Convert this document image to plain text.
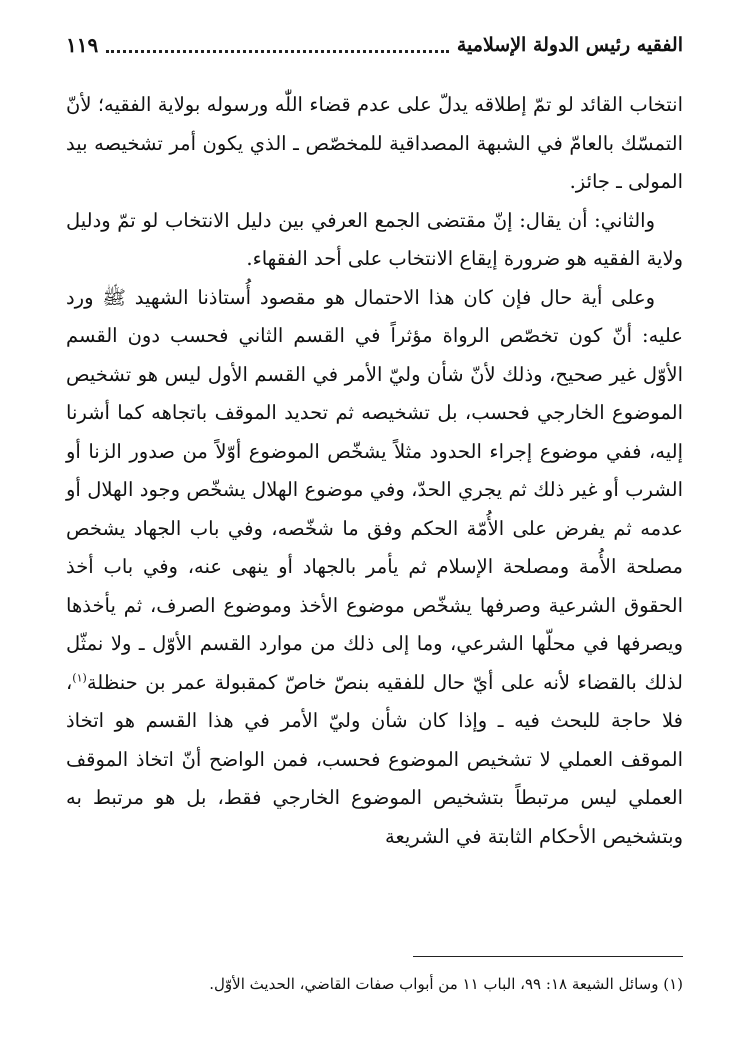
الفقيه رئيس الدولة الإسلامية
١١٩

انتخاب القائد لو تمّ إطلاقه يدلّ على عدم قضاء اللّٰه ورسوله بولاية الفقيه؛ لأنّ التمسّك بالعامّ في الشبهة المصداقية للمخصّص ـ الذي يكون أمر تشخيصه بيد المولى ـ جائز.

والثاني: أن يقال: إنّ مقتضى الجمع العرفي بين دليل الانتخاب لو تمّ ودليل ولاية الفقيه هو ضرورة إيقاع الانتخاب على أحد الفقهاء.

وعلى أية حال فإن كان هذا الاحتمال هو مقصود أُستاذنا الشهيد ﷺ ورد عليه: أنّ كون تخصّص الرواة مؤثراً في القسم الثاني فحسب دون القسم الأوّل غير صحيح، وذلك لأنّ شأن وليّ الأمر في القسم الأول ليس هو تشخيص الموضوع الخارجي فحسب، بل تشخيصه ثم تحديد الموقف باتجاهه كما أشرنا إليه، ففي موضوع إجراء الحدود مثلاً يشخّص الموضوع أوّلاً من صدور الزنا أو الشرب أو غير ذلك ثم يجري الحدّ، وفي موضوع الهلال يشخّص وجود الهلال أو عدمه ثم يفرض على الأُمّة الحكم وفق ما شخّصه، وفي باب الجهاد يشخص مصلحة الأُمة ومصلحة الإسلام ثم يأمر بالجهاد أو ينهى عنه، وفي باب أخذ الحقوق الشرعية وصرفها يشخّص موضوع الأخذ وموضوع الصرف، ثم يأخذها ويصرفها في محلّها الشرعي، وما إلى ذلك من موارد القسم الأوّل ـ ولا نمثّل لذلك بالقضاء لأنه على أيّ حال للفقيه بنصّ خاصّ كمقبولة عمر بن حنظلة$^{(١)}$، فلا حاجة للبحث فيه ـ وإذا كان شأن وليّ الأمر في هذا القسم هو اتخاذ الموقف العملي لا تشخيص الموضوع فحسب، فمن الواضح أنّ اتخاذ الموقف العملي ليس مرتبطاً بتشخيص الموضوع الخارجي فقط، بل هو مرتبط به وبتشخيص الأحكام الثابتة في الشريعة

(١) وسائل الشيعة ١٨: ٩٩، الباب ١١ من أبواب صفات القاضي، الحديث الأوّل.
